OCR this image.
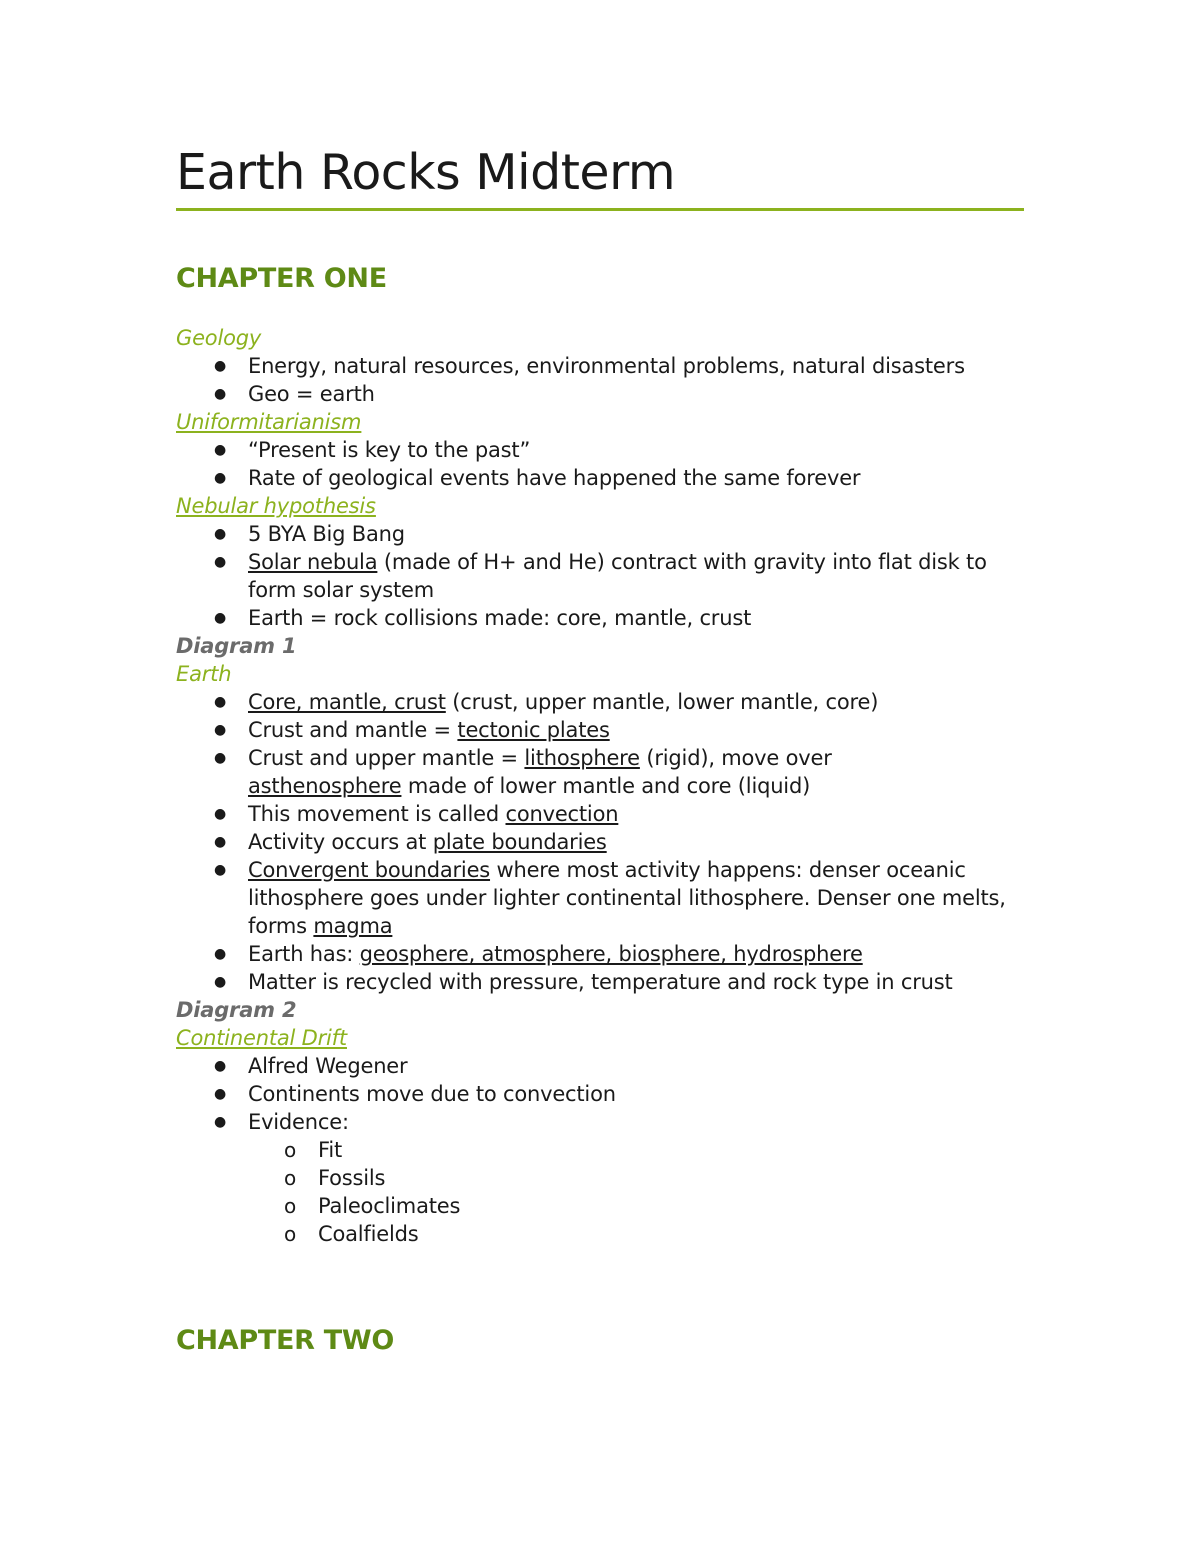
Earth Rocks Midterm
CHAPTER ONE
Geology
● Energy, natural resources, environmental problems, natural disasters
● Geo = earth
Uniformitarianism
● “Present is key to the past”
● Rate of geological events have happened the same forever
Nebular hypothesis
● 5 BYA Big Bang
● Solar nebula (made of H+ and He) contract with gravity into flat disk to form solar system
● Earth = rock collisions made: core, mantle, crust
Diagram 1
Earth
● Core, mantle, crust (crust, upper mantle, lower mantle, core)
● Crust and mantle = tectonic plates
● Crust and upper mantle = lithosphere (rigid), move over
asthenosphere made of lower mantle and core (liquid)
● This movement is called convection
● Activity occurs at plate boundaries
● Convergent boundaries where most activity happens: denser oceanic lithosphere goes under lighter continental lithosphere. Denser one melts, forms magma
● Earth has: geosphere, atmosphere, biosphere, hydrosphere
● Matter is recycled with pressure, temperature and rock type in crust
Diagram 2
Continental Drift
● Alfred Wegener
● Continents move due to convection
● Evidence:
o Fit
o Fossils
o Paleoclimates
o Coalfields
CHAPTER TWO
